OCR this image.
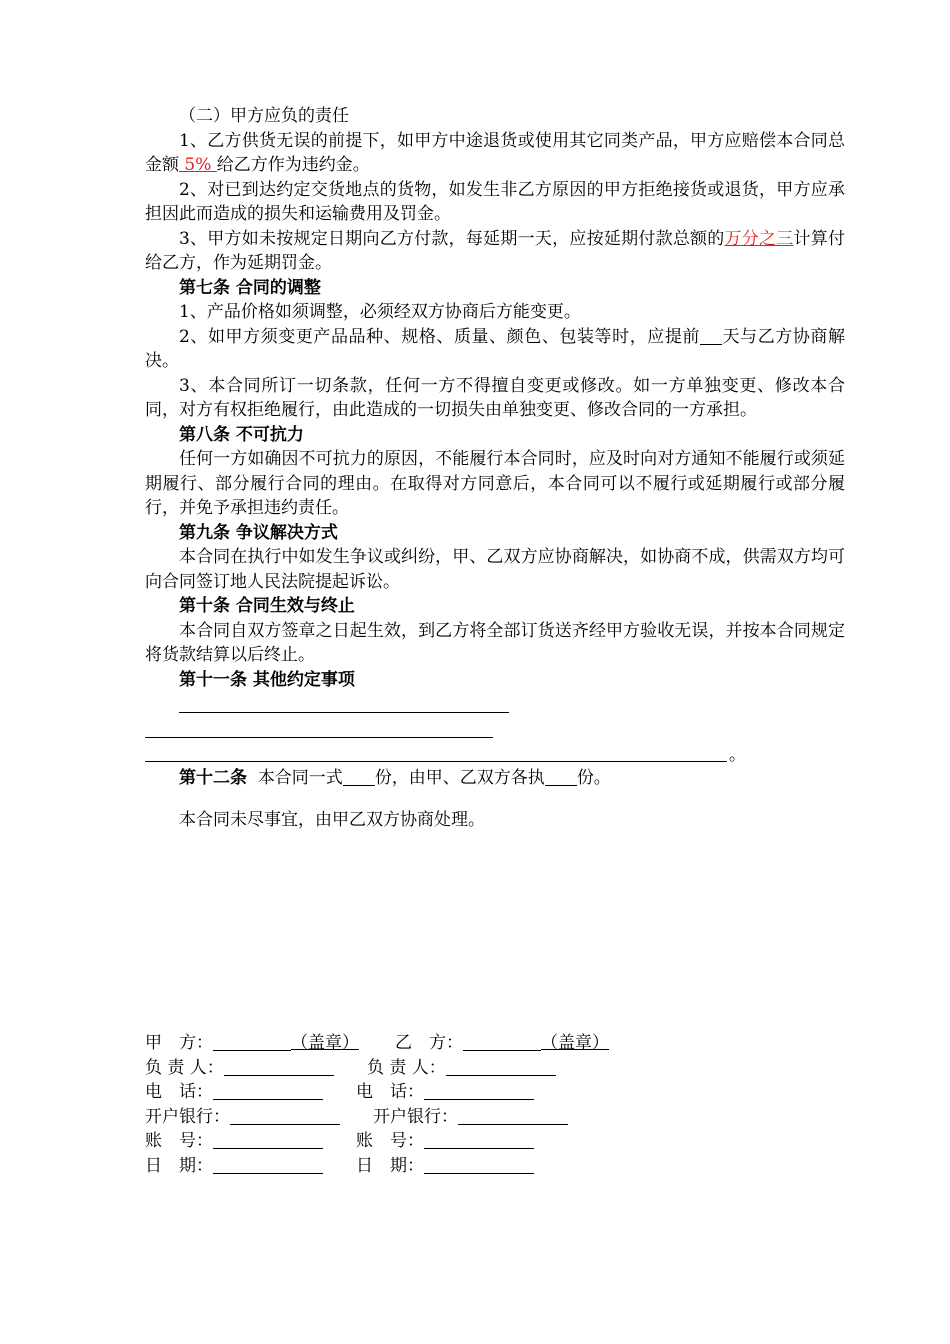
（二）甲方应负的责任

1、乙方供货无误的前提下，如甲方中途退货或使用其它同类产品，甲方应赔偿本合同总金额 5% 给乙方作为违约金。

2、对已到达约定交货地点的货物，如发生非乙方原因的甲方拒绝接货或退货，甲方应承担因此而造成的损失和运输费用及罚金。

3、甲方如未按规定日期向乙方付款，每延期一天，应按延期付款总额的万分之三计算付给乙方，作为延期罚金。

第七条 合同的调整

1、产品价格如须调整，必须经双方协商后方能变更。

2、如甲方须变更产品品种、规格、质量、颜色、包装等时，应提前 天与乙方协商解决。

3、本合同所订一切条款，任何一方不得擅自变更或修改。如一方单独变更、修改本合同，对方有权拒绝履行，由此造成的一切损失由单独变更、修改合同的一方承担。

第八条 不可抗力

任何一方如确因不可抗力的原因，不能履行本合同时，应及时向对方通知不能履行或须延期履行、部分履行合同的理由。在取得对方同意后，本合同可以不履行或延期履行或部分履行，并免予承担违约责任。

第九条 争议解决方式

本合同在执行中如发生争议或纠纷，甲、乙双方应协商解决，如协商不成，供需双方均可向合同签订地人民法院提起诉讼。

第十条 合同生效与终止

本合同自双方签章之日起生效，到乙方将全部订货送齐经甲方验收无误，并按本合同规定将货款结算以后终止。

第十一条 其他约定事项

。

第十二条 本合同一式 份，由甲、乙双方各执 份。

本合同未尽事宜，由甲乙双方协商处理。

甲　方：	（盖章） 乙　方：	（盖章）
负 责 人：	负 责 人：
电　话：	电　话：
开户银行：	开户银行：
账　号：	账　号：
日　期：	日　期：
